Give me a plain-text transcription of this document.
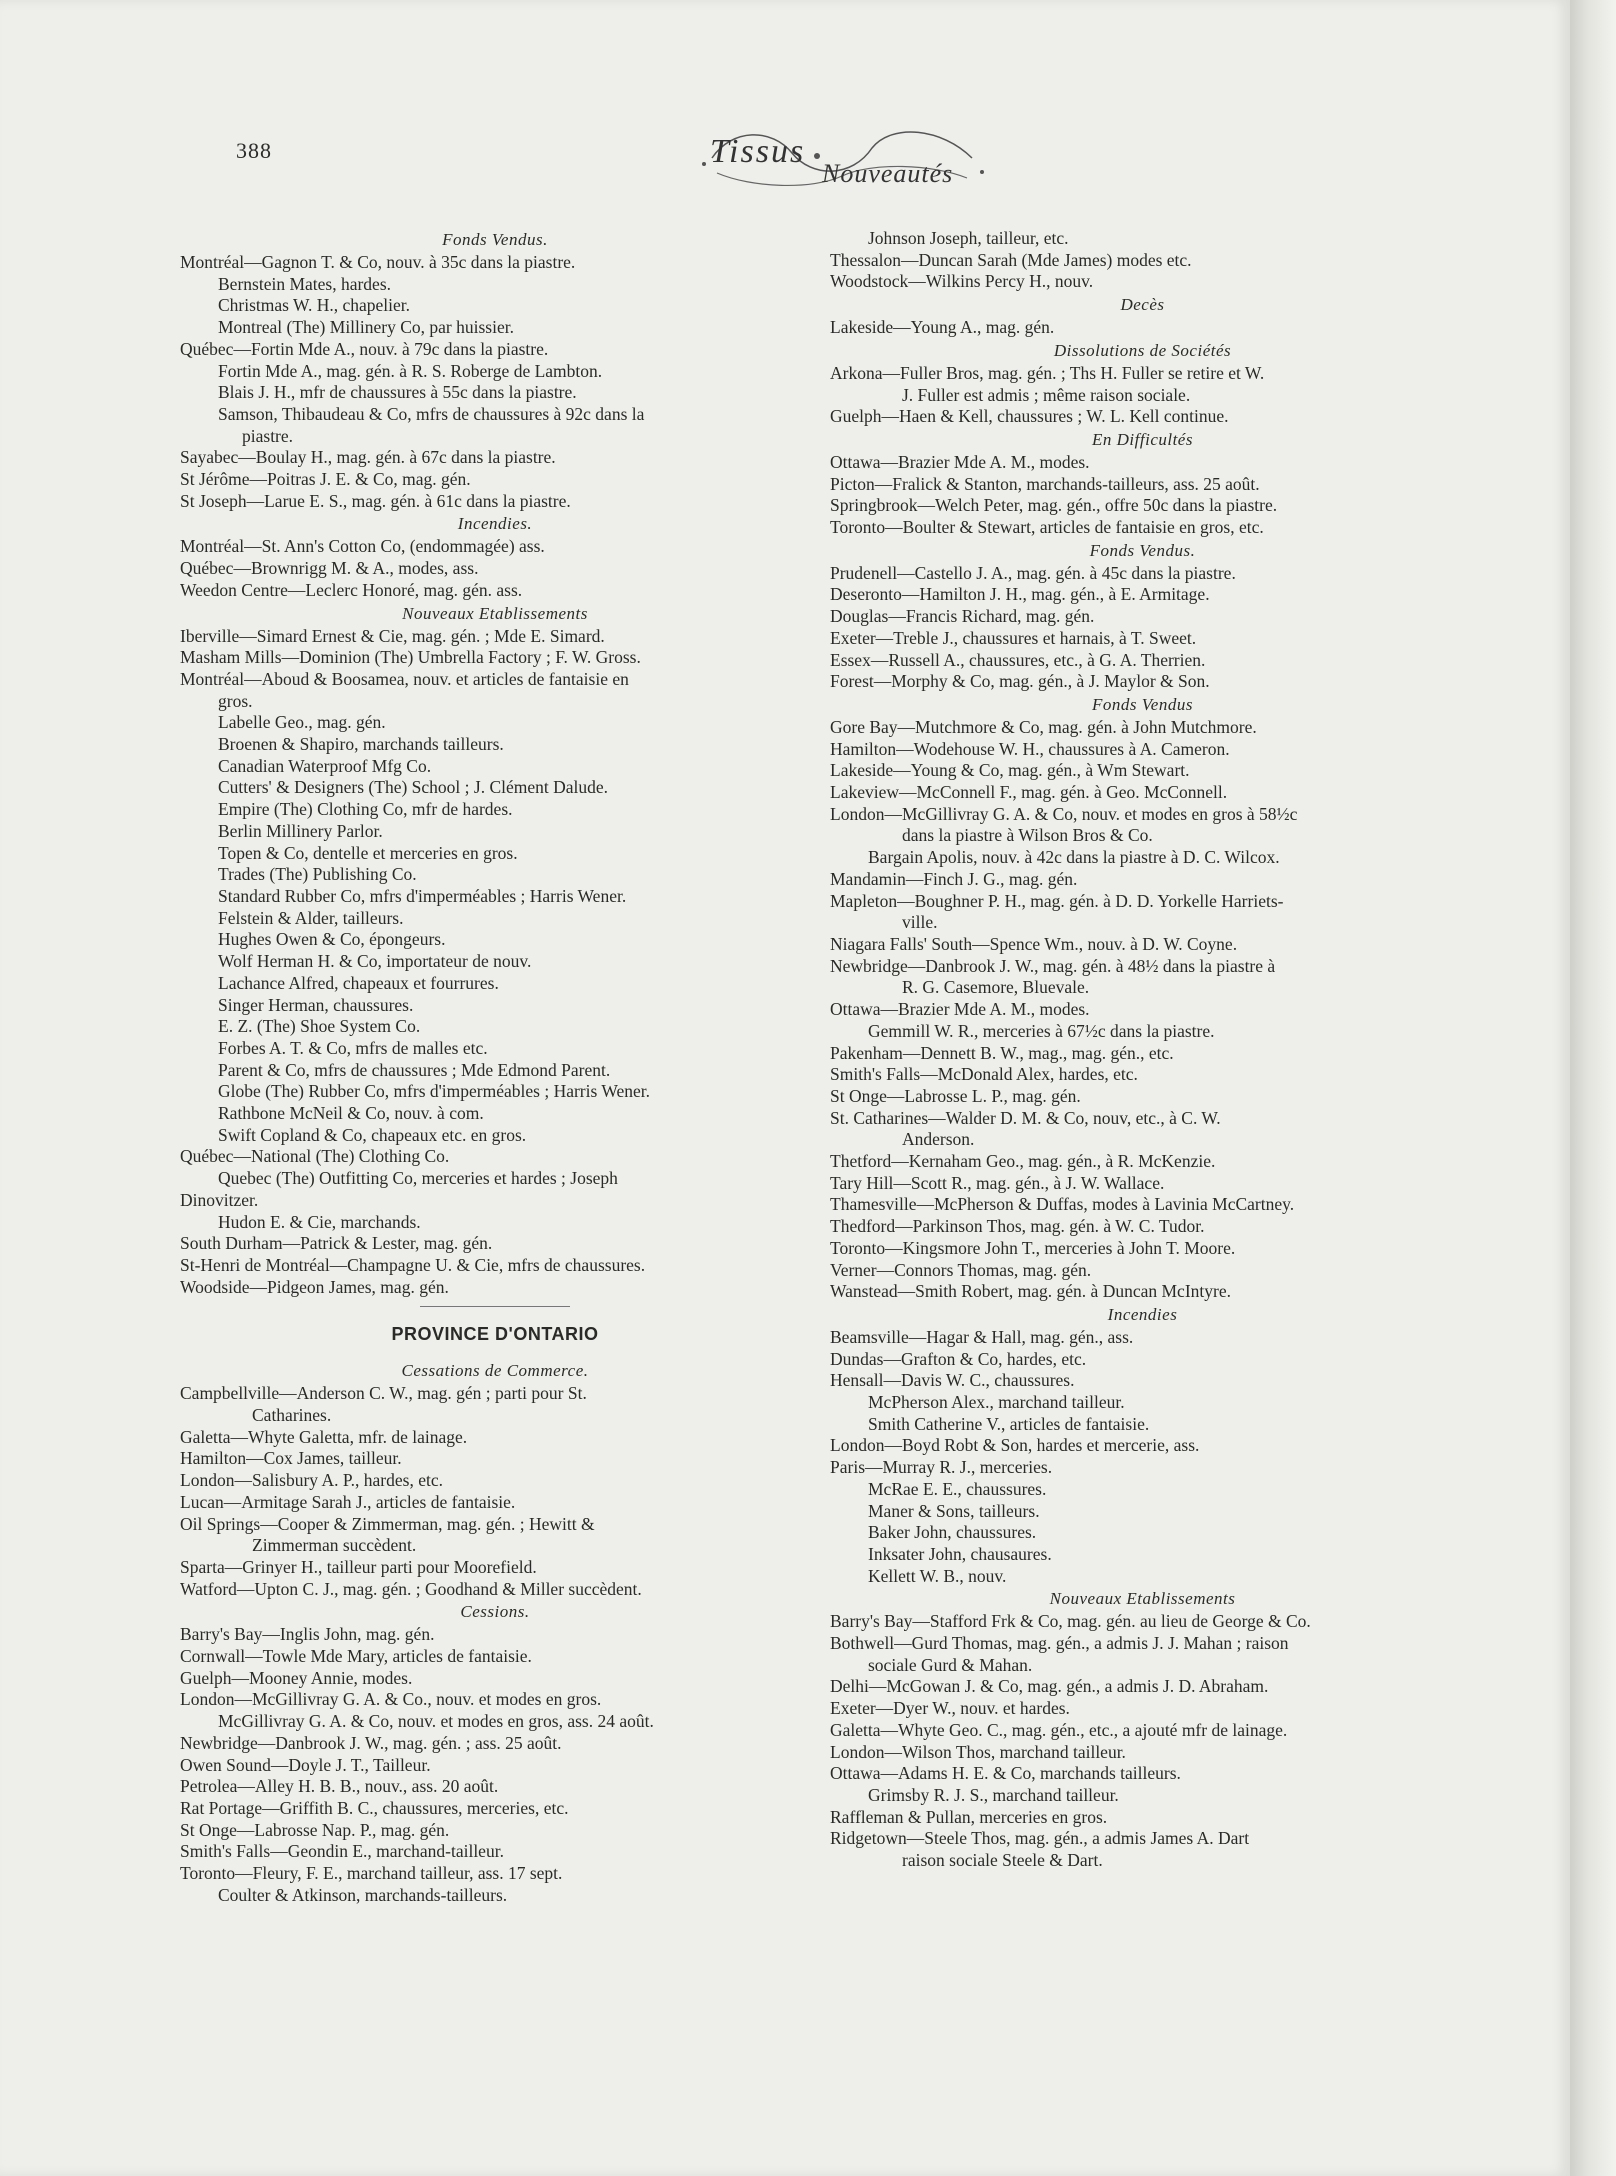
388	Tissus
Nouveautés
Fonds Vendus.
Montréal—Gagnon T. & Co, nouv. à 35c dans la piastre.
Bernstein Mates, hardes.
Christmas W. H., chapelier.
Montreal (The) Millinery Co, par huissier.
Québec—Fortin Mde A., nouv. à 79c dans la piastre.
Fortin Mde A., mag. gén. à R. S. Roberge de Lambton.
Blais J. H., mfr de chaussures à 55c dans la piastre.
Samson, Thibaudeau & Co, mfrs de chaussures à 92c dans la
piastre.
Sayabec—Boulay H., mag. gén. à 67c dans la piastre.
St Jérôme—Poitras J. E. & Co, mag. gén.
St Joseph—Larue E. S., mag. gén. à 61c dans la piastre.
Incendies.
Montréal—St. Ann's Cotton Co, (endommagée) ass.
Québec—Brownrigg M. & A., modes, ass.
Weedon Centre—Leclerc Honoré, mag. gén. ass.
Nouveaux Etablissements
Iberville—Simard Ernest & Cie, mag. gén. ; Mde E. Simard.
Masham Mills—Dominion (The) Umbrella Factory ; F. W. Gross.
Montréal—Aboud & Boosamea, nouv. et articles de fantaisie en
gros.
Labelle Geo., mag. gén.
Broenen & Shapiro, marchands tailleurs.
Canadian Waterproof Mfg Co.
Cutters' & Designers (The) School ; J. Clément Dalude.
Empire (The) Clothing Co, mfr de hardes.
Berlin Millinery Parlor.
Topen & Co, dentelle et merceries en gros.
Trades (The) Publishing Co.
Standard Rubber Co, mfrs d'imperméables ; Harris Wener.
Felstein & Alder, tailleurs.
Hughes Owen & Co, épongeurs.
Wolf Herman H. & Co, importateur de nouv.
Lachance Alfred, chapeaux et fourrures.
Singer Herman, chaussures.
E. Z. (The) Shoe System Co.
Forbes A. T. & Co, mfrs de malles etc.
Parent & Co, mfrs de chaussures ; Mde Edmond Parent.
Globe (The) Rubber Co, mfrs d'imperméables ; Harris Wener.
Rathbone McNeil & Co, nouv. à com.
Swift Copland & Co, chapeaux etc. en gros.
Québec—National (The) Clothing Co.
Quebec (The) Outfitting Co, merceries et hardes ; Joseph
Dinovitzer.
Hudon E. & Cie, marchands.
South Durham—Patrick & Lester, mag. gén.
St-Henri de Montréal—Champagne U. & Cie, mfrs de chaussures.
Woodside—Pidgeon James, mag. gén.
PROVINCE D'ONTARIO
Cessations de Commerce.
Campbellville—Anderson C. W., mag. gén ; parti pour St.
Catharines.
Galetta—Whyte Galetta, mfr. de lainage.
Hamilton—Cox James, tailleur.
London—Salisbury A. P., hardes, etc.
Lucan—Armitage Sarah J., articles de fantaisie.
Oil Springs—Cooper & Zimmerman, mag. gén. ; Hewitt &
Zimmerman succèdent.
Sparta—Grinyer H., tailleur parti pour Moorefield.
Watford—Upton C. J., mag. gén. ; Goodhand & Miller succèdent.
Cessions.
Barry's Bay—Inglis John, mag. gén.
Cornwall—Towle Mde Mary, articles de fantaisie.
Guelph—Mooney Annie, modes.
London—McGillivray G. A. & Co., nouv. et modes en gros.
McGillivray G. A. & Co, nouv. et modes en gros, ass. 24 août.
Newbridge—Danbrook J. W., mag. gén. ; ass. 25 août.
Owen Sound—Doyle J. T., Tailleur.
Petrolea—Alley H. B. B., nouv., ass. 20 août.
Rat Portage—Griffith B. C., chaussures, merceries, etc.
St Onge—Labrosse Nap. P., mag. gén.
Smith's Falls—Geondin E., marchand-tailleur.
Toronto—Fleury, F. E., marchand tailleur, ass. 17 sept.
Coulter & Atkinson, marchands-tailleurs.
Johnson Joseph, tailleur, etc.
Thessalon—Duncan Sarah (Mde James) modes etc.
Woodstock—Wilkins Percy H., nouv.
Decès
Lakeside—Young A., mag. gén.
Dissolutions de Sociétés
Arkona—Fuller Bros, mag. gén. ; Ths H. Fuller se retire et W.
J. Fuller est admis ; même raison sociale.
Guelph—Haen & Kell, chaussures ; W. L. Kell continue.
En Difficultés
Ottawa—Brazier Mde A. M., modes.
Picton—Fralick & Stanton, marchands-tailleurs, ass. 25 août.
Springbrook—Welch Peter, mag. gén., offre 50c dans la piastre.
Toronto—Boulter & Stewart, articles de fantaisie en gros, etc.
Fonds Vendus.
Prudenell—Castello J. A., mag. gén. à 45c dans la piastre.
Deseronto—Hamilton J. H., mag. gén., à E. Armitage.
Douglas—Francis Richard, mag. gén.
Exeter—Treble J., chaussures et harnais, à T. Sweet.
Essex—Russell A., chaussures, etc., à G. A. Therrien.
Forest—Morphy & Co, mag. gén., à J. Maylor & Son.
Fonds Vendus
Gore Bay—Mutchmore & Co, mag. gén. à John Mutchmore.
Hamilton—Wodehouse W. H., chaussures à A. Cameron.
Lakeside—Young & Co, mag. gén., à Wm Stewart.
Lakeview—McConnell F., mag. gén. à Geo. McConnell.
London—McGillivray G. A. & Co, nouv. et modes en gros à 58½c
dans la piastre à Wilson Bros & Co.
Bargain Apolis, nouv. à 42c dans la piastre à D. C. Wilcox.
Mandamin—Finch J. G., mag. gén.
Mapleton—Boughner P. H., mag. gén. à D. D. Yorkelle Harriets-
ville.
Niagara Falls' South—Spence Wm., nouv. à D. W. Coyne.
Newbridge—Danbrook J. W., mag. gén. à 48½ dans la piastre à
R. G. Casemore, Bluevale.
Ottawa—Brazier Mde A. M., modes.
Gemmill W. R., merceries à 67½c dans la piastre.
Pakenham—Dennett B. W., mag., mag. gén., etc.
Smith's Falls—McDonald Alex, hardes, etc.
St Onge—Labrosse L. P., mag. gén.
St. Catharines—Walder D. M. & Co, nouv, etc., à C. W.
Anderson.
Thetford—Kernaham Geo., mag. gén., à R. McKenzie.
Tary Hill—Scott R., mag. gén., à J. W. Wallace.
Thamesville—McPherson & Duffas, modes à Lavinia McCartney.
Thedford—Parkinson Thos, mag. gén. à W. C. Tudor.
Toronto—Kingsmore John T., merceries à John T. Moore.
Verner—Connors Thomas, mag. gén.
Wanstead—Smith Robert, mag. gén. à Duncan McIntyre.
Incendies
Beamsville—Hagar & Hall, mag. gén., ass.
Dundas—Grafton & Co, hardes, etc.
Hensall—Davis W. C., chaussures.
McPherson Alex., marchand tailleur.
Smith Catherine V., articles de fantaisie.
London—Boyd Robt & Son, hardes et mercerie, ass.
Paris—Murray R. J., merceries.
McRae E. E., chaussures.
Maner & Sons, tailleurs.
Baker John, chaussures.
Inksater John, chausaures.
Kellett W. B., nouv.
Nouveaux Etablissements
Barry's Bay—Stafford Frk & Co, mag. gén. au lieu de George & Co.
Bothwell—Gurd Thomas, mag. gén., a admis J. J. Mahan ; raison
sociale Gurd & Mahan.
Delhi—McGowan J. & Co, mag. gén., a admis J. D. Abraham.
Exeter—Dyer W., nouv. et hardes.
Galetta—Whyte Geo. C., mag. gén., etc., a ajouté mfr de lainage.
London—Wilson Thos, marchand tailleur.
Ottawa—Adams H. E. & Co, marchands tailleurs.
Grimsby R. J. S., marchand tailleur.
Raffleman & Pullan, merceries en gros.
Ridgetown—Steele Thos, mag. gén., a admis James A. Dart
raison sociale Steele & Dart.
